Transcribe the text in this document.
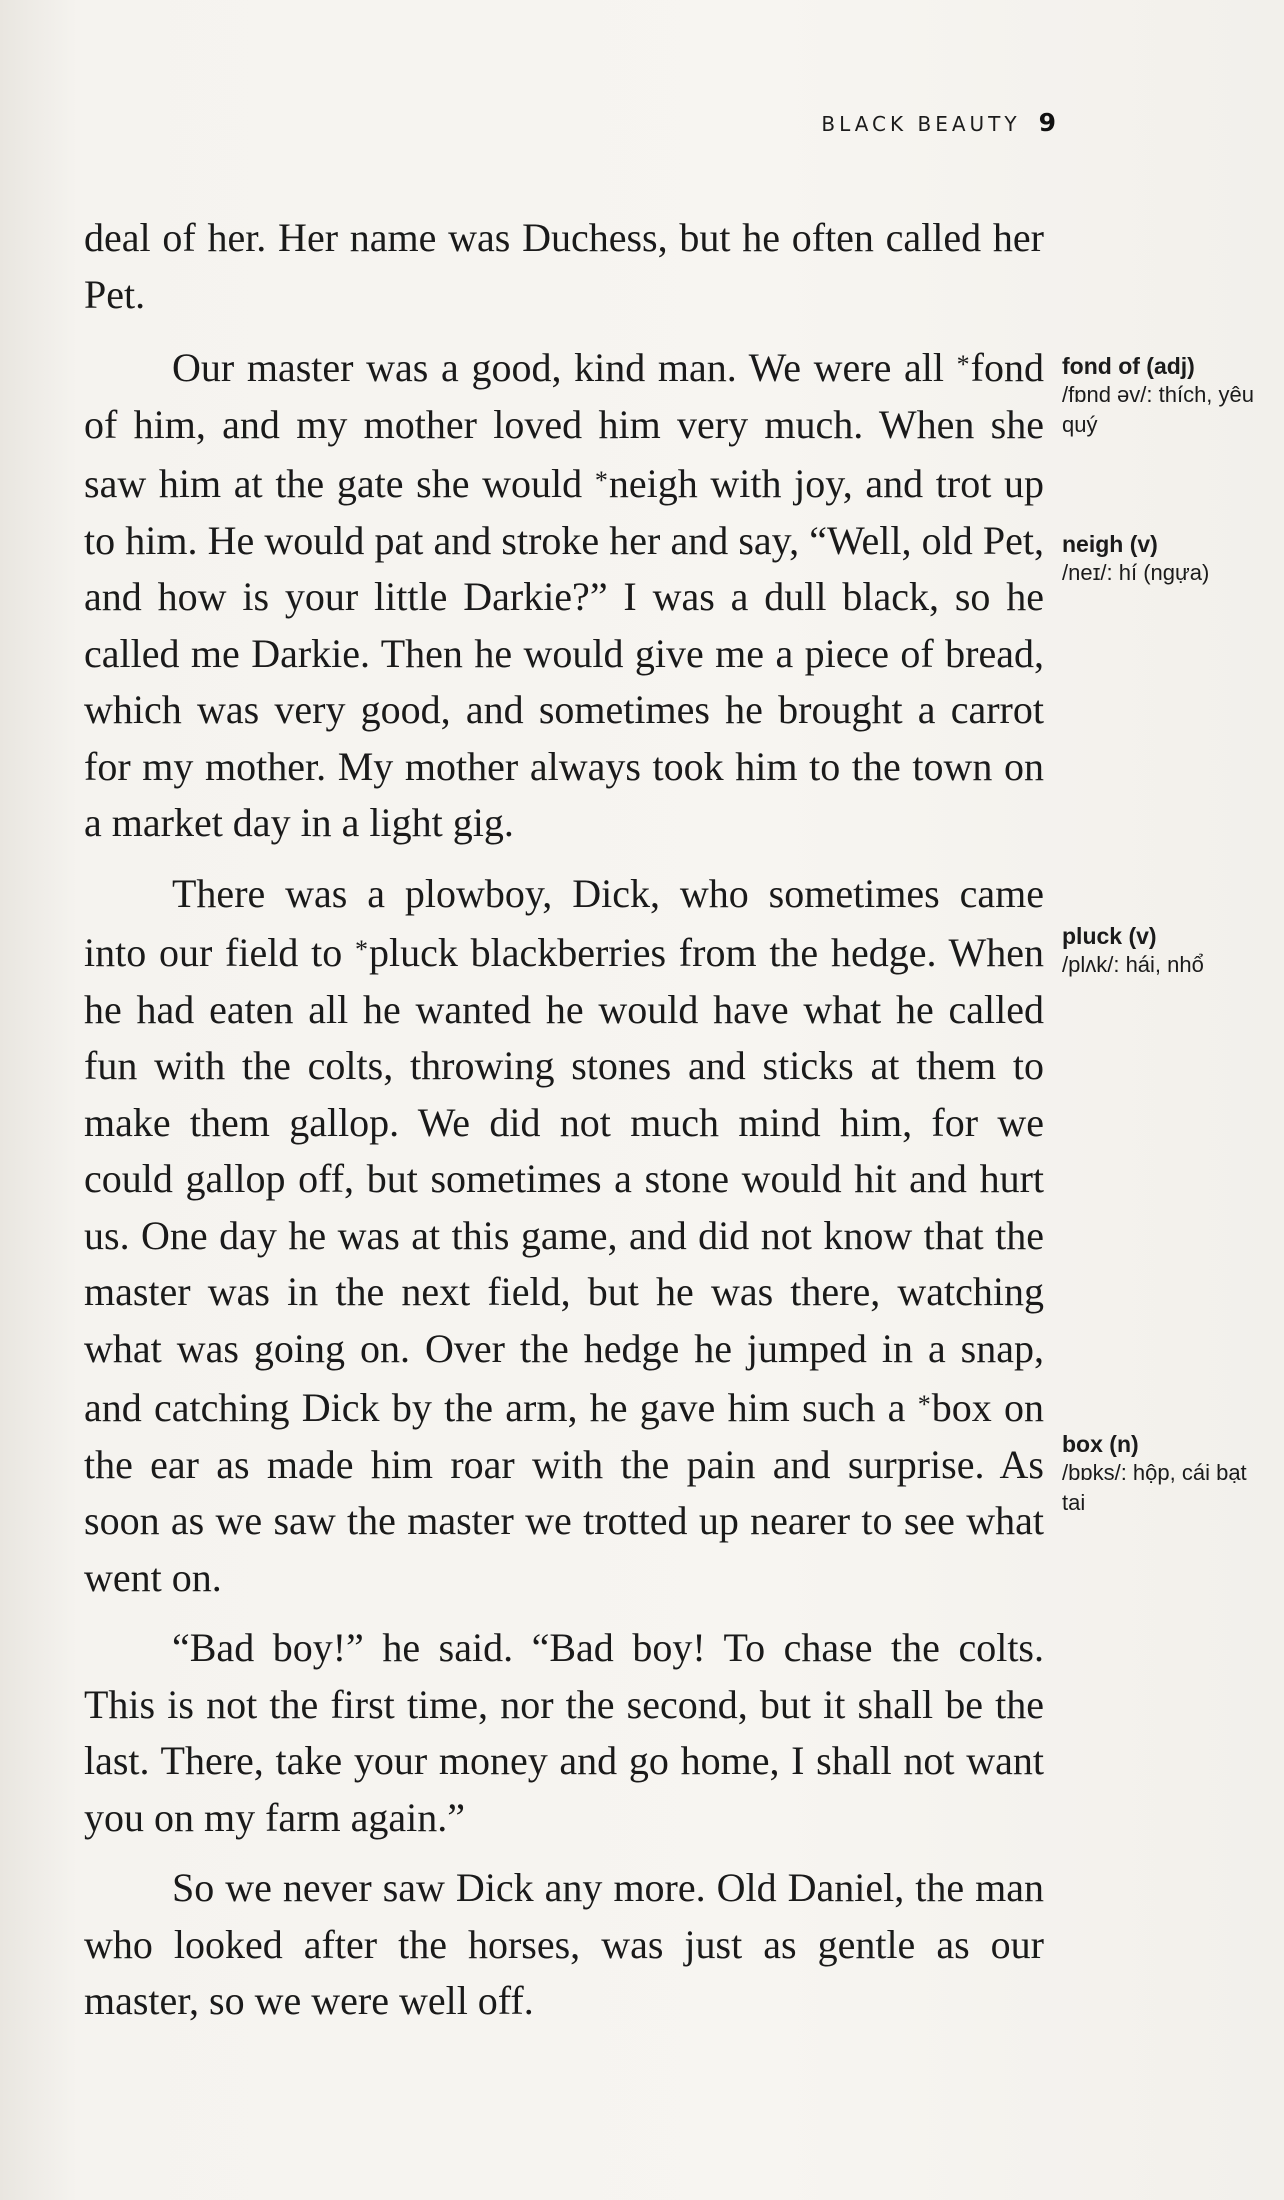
BLACK BEAUTY 9

deal of her. Her name was Duchess, but he often called her Pet.

Our master was a good, kind man. We were all *fond of him, and my mother loved him very much. When she saw him at the gate she would *neigh with joy, and trot up to him. He would pat and stroke her and say, “Well, old Pet, and how is your little Darkie?” I was a dull black, so he called me Darkie. Then he would give me a piece of bread, which was very good, and sometimes he brought a carrot for my mother. My mother always took him to the town on a market day in a light gig.

There was a plowboy, Dick, who sometimes came into our field to *pluck blackberries from the hedge. When he had eaten all he wanted he would have what he called fun with the colts, throwing stones and sticks at them to make them gallop. We did not much mind him, for we could gallop off, but sometimes a stone would hit and hurt us. One day he was at this game, and did not know that the master was in the next field, but he was there, watching what was going on. Over the hedge he jumped in a snap, and catching Dick by the arm, he gave him such a *box on the ear as made him roar with the pain and surprise. As soon as we saw the master we trotted up nearer to see what went on.

“Bad boy!” he said. “Bad boy! To chase the colts. This is not the first time, nor the second, but it shall be the last. There, take your money and go home, I shall not want you on my farm again.”

So we never saw Dick any more. Old Daniel, the man who looked after the horses, was just as gentle as our master, so we were well off.

fond of (adj)
/fɒnd əv/: thích, yêu quý
neigh (v)
/neɪ/: hí (ngựa)
pluck (v)
/plʌk/: hái, nhổ
box (n)
/bɒks/: hộp, cái bạt tai
